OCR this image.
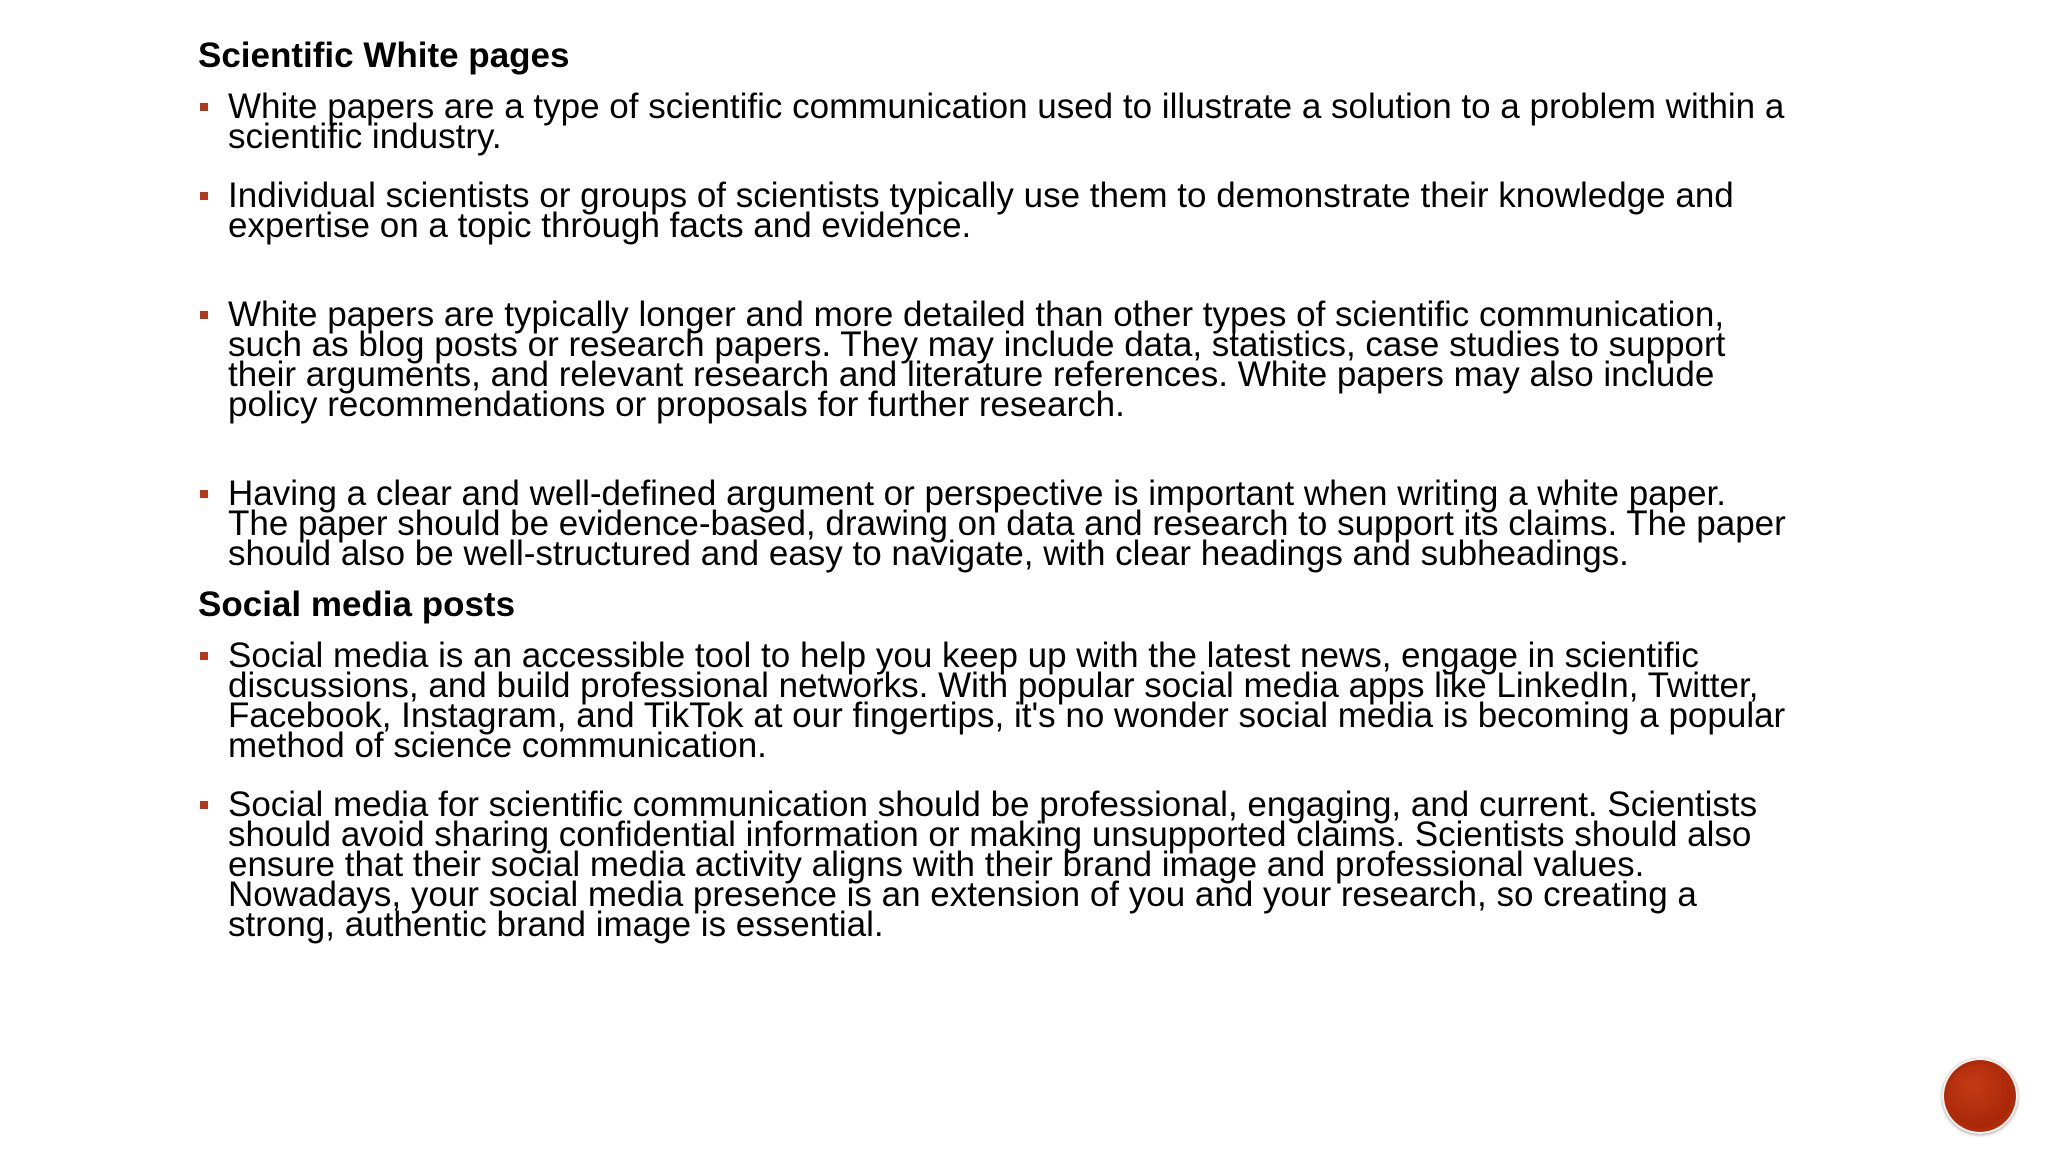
Scientific White pages
White papers are a type of scientific communication used to illustrate a solution to a problem within a
scientific industry.
Individual scientists or groups of scientists typically use them to demonstrate their knowledge and
expertise on a topic through facts and evidence.
White papers are typically longer and more detailed than other types of scientific communication,
such as blog posts or research papers. They may include data, statistics, case studies to support
their arguments, and relevant research and literature references. White papers may also include
policy recommendations or proposals for further research.
Having a clear and well-defined argument or perspective is important when writing a white paper.
The paper should be evidence-based, drawing on data and research to support its claims. The paper
should also be well-structured and easy to navigate, with clear headings and subheadings.
Social media posts
Social media is an accessible tool to help you keep up with the latest news, engage in scientific
discussions, and build professional networks. With popular social media apps like LinkedIn, Twitter,
Facebook, Instagram, and TikTok at our fingertips, it's no wonder social media is becoming a popular
method of science communication.
Social media for scientific communication should be professional, engaging, and current. Scientists
should avoid sharing confidential information or making unsupported claims. Scientists should also
ensure that their social media activity aligns with their brand image and professional values.
Nowadays, your social media presence is an extension of you and your research, so creating a
strong, authentic brand image is essential.
